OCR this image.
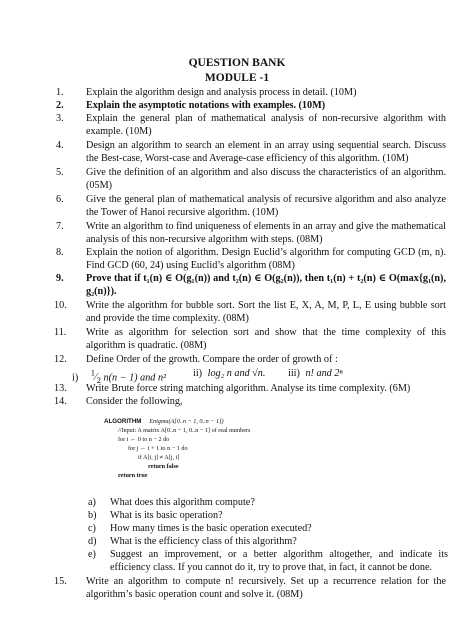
QUESTION BANK
MODULE -1
1.	Explain the algorithm design and analysis process in detail. (10M)
2.	Explain the asymptotic notations with examples. (10M)
3.	Explain the general plan of mathematical analysis of non-recursive algorithm with example. (10M)
4.	Design an algorithm to search an element in an array using sequential search. Discuss the Best-case, Worst-case and Average-case efficiency of this algorithm. (10M)
5.	Give the definition of an algorithm and also discuss the characteristics of an algorithm. (05M)
6.	Give the general plan of mathematical analysis of recursive algorithm and also analyze the Tower of Hanoi recursive algorithm. (10M)
7.	Write an algorithm to find uniqueness of elements in an array and give the mathematical analysis of this non-recursive algorithm with steps. (08M)
8.	Explain the notion of algorithm. Design Euclid’s algorithm for computing GCD (m, n). Find GCD (60, 24) using Euclid’s algorithm (08M)
9.	Prove that if t₁(n) ∈ O(g₁(n)) and t₂(n) ∈ O(g₂(n)), then t₁(n) + t₂(n) ∈ O(max{g₁(n), g₂(n)}).
10.	Write the algorithm for bubble sort. Sort the list E, X, A, M, P, L, E using bubble sort and provide the time complexity. (08M)
11.	Write as algorithm for selection sort and show that the time complexity of this algorithm is quadratic. (08M)
12.	Define Order of the growth. Compare the order of growth of :
i) $^1⁄_2$ n(n − 1) and n²	ii) log₂ n and √n. iii) n! and 2ⁿ
13.	Write Brute force string matching algorithm. Analyse its time complexity. (6M)
14.	Consider the following,
ALGORITHM Enigma(A[0..n − 1, 0..n − 1])
//Input: A matrix A[0..n − 1, 0..n − 1] of real numbers
for i ← 0 to n − 2 do
for j ← i + 1 to n − 1 do
if A[i, j] ≠ A[j, i]
return false
return true
a)	What does this algorithm compute?
b)	What is its basic operation?
c)	How many times is the basic operation executed?
d)	What is the efficiency class of this algorithm?
e)	Suggest an improvement, or a better algorithm altogether, and indicate its efficiency class. If you cannot do it, try to prove that, in fact, it cannot be done.
15.	Write an algorithm to compute n! recursively. Set up a recurrence relation for the algorithm’s basic operation count and solve it. (08M)
